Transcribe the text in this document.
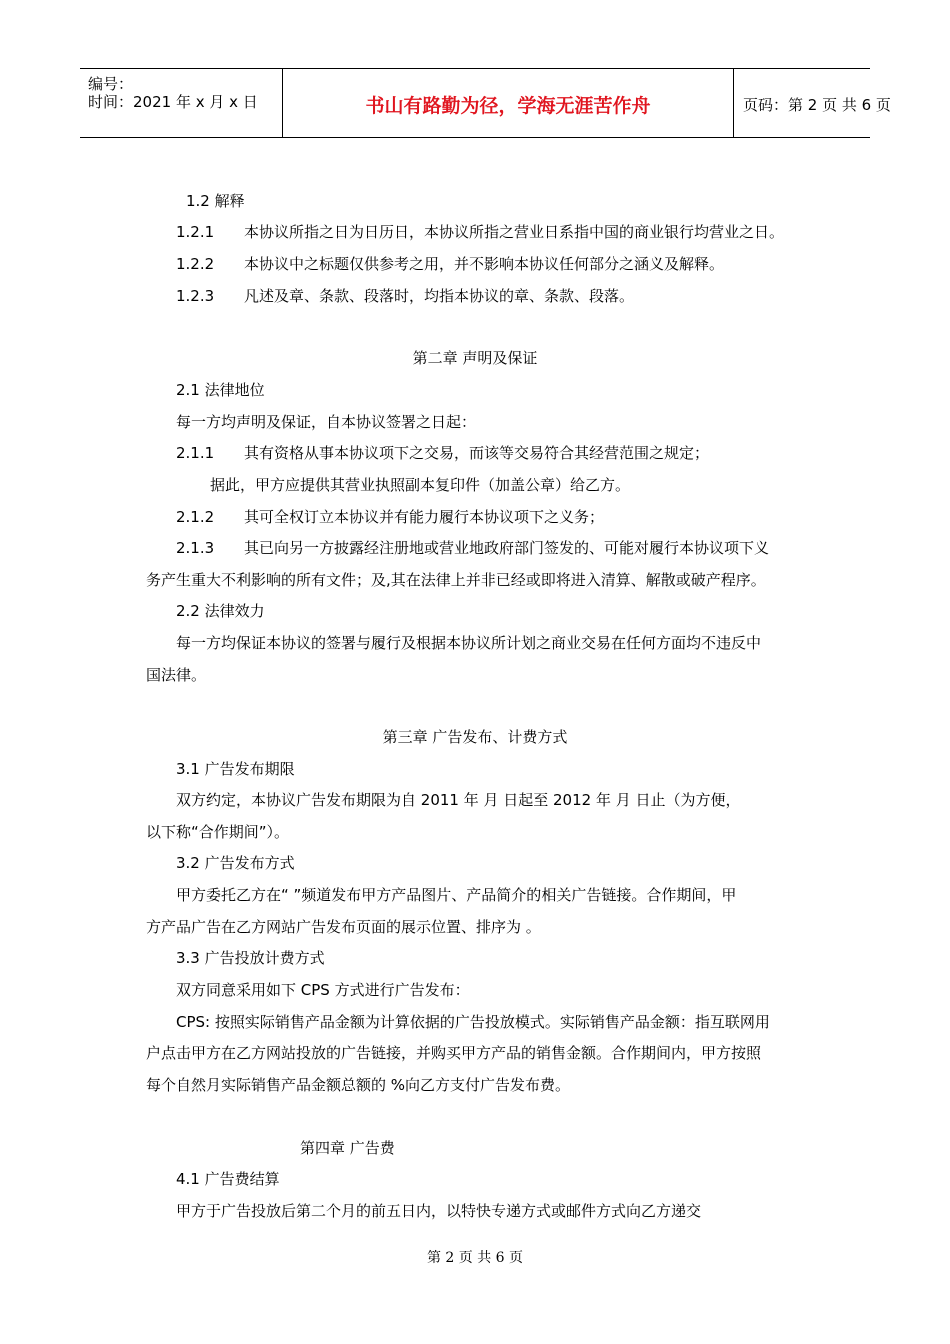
编号：
时间：2021 年 x 月 x 日	书山有路勤为径，学海无涯苦作舟	页码：第 2 页 共 6 页
1.2 解释
1.2.1 本协议所指之日为日历日，本协议所指之营业日系指中国的商业银行均营业之日。
1.2.2 本协议中之标题仅供参考之用，并不影响本协议任何部分之涵义及解释。
1.2.3 凡述及章、条款、段落时，均指本协议的章、条款、段落。
第二章 声明及保证
2.1 法律地位
每一方均声明及保证，自本协议签署之日起：
2.1.1 其有资格从事本协议项下之交易，而该等交易符合其经营范围之规定；
据此，甲方应提供其营业执照副本复印件（加盖公章）给乙方。
2.1.2 其可全权订立本协议并有能力履行本协议项下之义务；
2.1.3 其已向另一方披露经注册地或营业地政府部门签发的、可能对履行本协议项下义
务产生重大不利影响的所有文件；及,其在法律上并非已经或即将进入清算、解散或破产程序。
2.2 法律效力
每一方均保证本协议的签署与履行及根据本协议所计划之商业交易在任何方面均不违反中
国法律。
第三章 广告发布、计费方式
3.1 广告发布期限
双方约定，本协议广告发布期限为自 2011 年 月 日起至 2012 年 月 日止（为方便，
以下称“合作期间”）。
3.2 广告发布方式
甲方委托乙方在“ ”频道发布甲方产品图片、产品简介的相关广告链接。合作期间，甲
方产品广告在乙方网站广告发布页面的展示位置、排序为 。
3.3 广告投放计费方式
双方同意采用如下 CPS 方式进行广告发布：
CPS: 按照实际销售产品金额为计算依据的广告投放模式。实际销售产品金额：指互联网用
户点击甲方在乙方网站投放的广告链接，并购买甲方产品的销售金额。合作期间内，甲方按照
每个自然月实际销售产品金额总额的 %向乙方支付广告发布费。
第四章 广告费
4.1 广告费结算
甲方于广告投放后第二个月的前五日内，以特快专递方式或邮件方式向乙方递交
第 2 页 共 6 页
